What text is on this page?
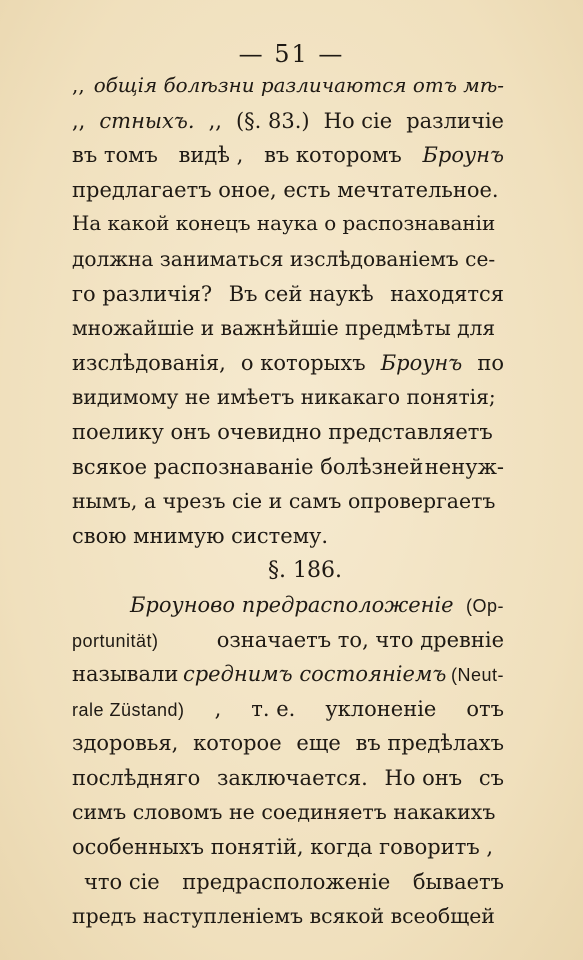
— 51 —
,, общія болѣзни различаются отъ мѣ-
,, стныхъ. ,, (§. 83.) Но сіе различіе
въ томъ видѣ , въ которомъ Броунъ
предлагаетъ оное, есть мечтательное.
На какой конецъ наука о распознаваніи
должна заниматься изслѣдованіемъ се-
го различія? Въ сей наукѣ находятся
множайшіе и важнѣйшіе предмѣты для
изслѣдованія, о которыхъ Броунъ по
видимому не имѣетъ никакаго понятія;
поелику онъ очевидно представляетъ
всякое распознаваніе болѣзней ненуж-
нымъ, а чрезъ сіе и самъ опровергаетъ
свою мнимую систему.
§. 186.
Броуново предрасположеніе (Op-
portunität)	означаетъ то, что древніе
называли среднимъ состояніемъ (Neut-
rale Züstand) , т. е. уклоненіе отъ
здоровья, которое еще въ предѣлахъ
послѣдняго заключается. Но онъ съ
симъ словомъ не соединяетъ накакихъ
особенныхъ понятій, когда говоритъ ,
что сіе предрасположеніе бываетъ
предъ наступленіемъ всякой всеобщей
